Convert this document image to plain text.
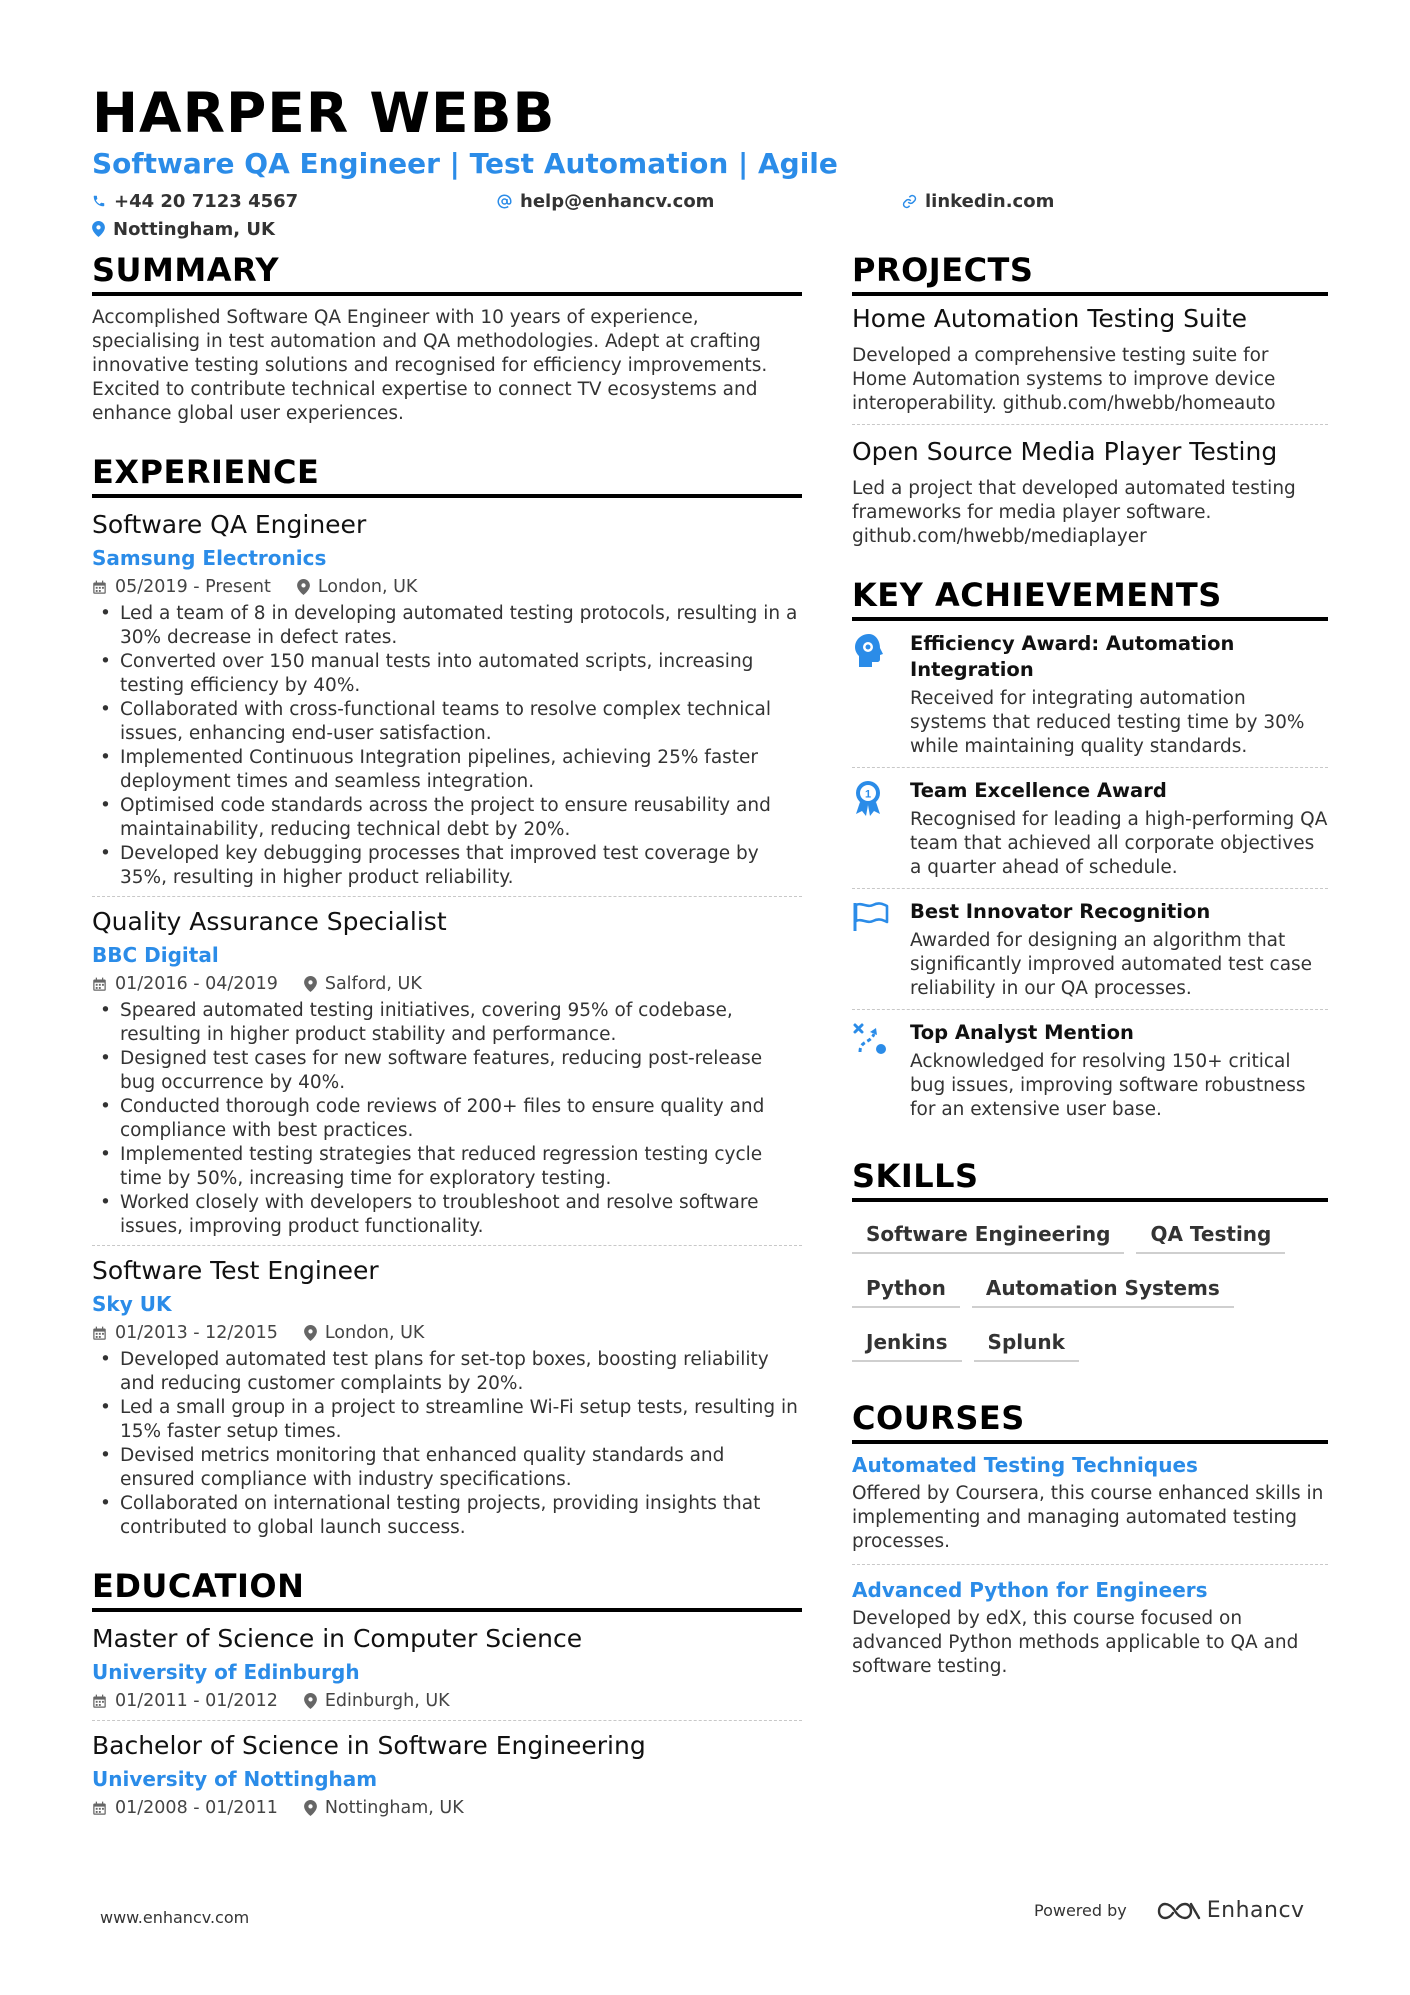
HARPER WEBB
Software QA Engineer | Test Automation | Agile
+44 20 7123 4567	help@enhancv.com	linkedin.com
Nottingham, UK
SUMMARY
Accomplished Software QA Engineer with 10 years of experience, specialising in test automation and QA methodologies. Adept at crafting innovative testing solutions and recognised for efficiency improvements. Excited to contribute technical expertise to connect TV ecosystems and enhance global user experiences.
EXPERIENCE
Software QA Engineer
Samsung Electronics
05/2019 - Present	London, UK
• Led a team of 8 in developing automated testing protocols, resulting in a 30% decrease in defect rates.
• Converted over 150 manual tests into automated scripts, increasing testing efficiency by 40%.
• Collaborated with cross-functional teams to resolve complex technical issues, enhancing end-user satisfaction.
• Implemented Continuous Integration pipelines, achieving 25% faster deployment times and seamless integration.
• Optimised code standards across the project to ensure reusability and maintainability, reducing technical debt by 20%.
• Developed key debugging processes that improved test coverage by 35%, resulting in higher product reliability.
Quality Assurance Specialist
BBC Digital
01/2016 - 04/2019	Salford, UK
• Speared automated testing initiatives, covering 95% of codebase, resulting in higher product stability and performance.
• Designed test cases for new software features, reducing post-release bug occurrence by 40%.
• Conducted thorough code reviews of 200+ files to ensure quality and compliance with best practices.
• Implemented testing strategies that reduced regression testing cycle time by 50%, increasing time for exploratory testing.
• Worked closely with developers to troubleshoot and resolve software issues, improving product functionality.
Software Test Engineer
Sky UK
01/2013 - 12/2015	London, UK
• Developed automated test plans for set-top boxes, boosting reliability and reducing customer complaints by 20%.
• Led a small group in a project to streamline Wi-Fi setup tests, resulting in 15% faster setup times.
• Devised metrics monitoring that enhanced quality standards and ensured compliance with industry specifications.
• Collaborated on international testing projects, providing insights that contributed to global launch success.
EDUCATION
Master of Science in Computer Science
University of Edinburgh
01/2011 - 01/2012	Edinburgh, UK
Bachelor of Science in Software Engineering
University of Nottingham
01/2008 - 01/2011	Nottingham, UK
PROJECTS
Home Automation Testing Suite
Developed a comprehensive testing suite for Home Automation systems to improve device interoperability. github.com/hwebb/homeauto
Open Source Media Player Testing
Led a project that developed automated testing frameworks for media player software. github.com/hwebb/mediaplayer
KEY ACHIEVEMENTS
Efficiency Award: Automation Integration
Received for integrating automation systems that reduced testing time by 30% while maintaining quality standards.
1 Team Excellence Award
Recognised for leading a high-performing QA team that achieved all corporate objectives a quarter ahead of schedule.
Best Innovator Recognition
Awarded for designing an algorithm that significantly improved automated test case reliability in our QA processes.
Top Analyst Mention
Acknowledged for resolving 150+ critical bug issues, improving software robustness for an extensive user base.
SKILLS
Software Engineering	QA Testing
Python	Automation Systems
Jenkins	Splunk
COURSES
Automated Testing Techniques
Offered by Coursera, this course enhanced skills in implementing and managing automated testing processes.
Advanced Python for Engineers
Developed by edX, this course focused on advanced Python methods applicable to QA and software testing.
www.enhancv.com	Powered by	Enhancv
